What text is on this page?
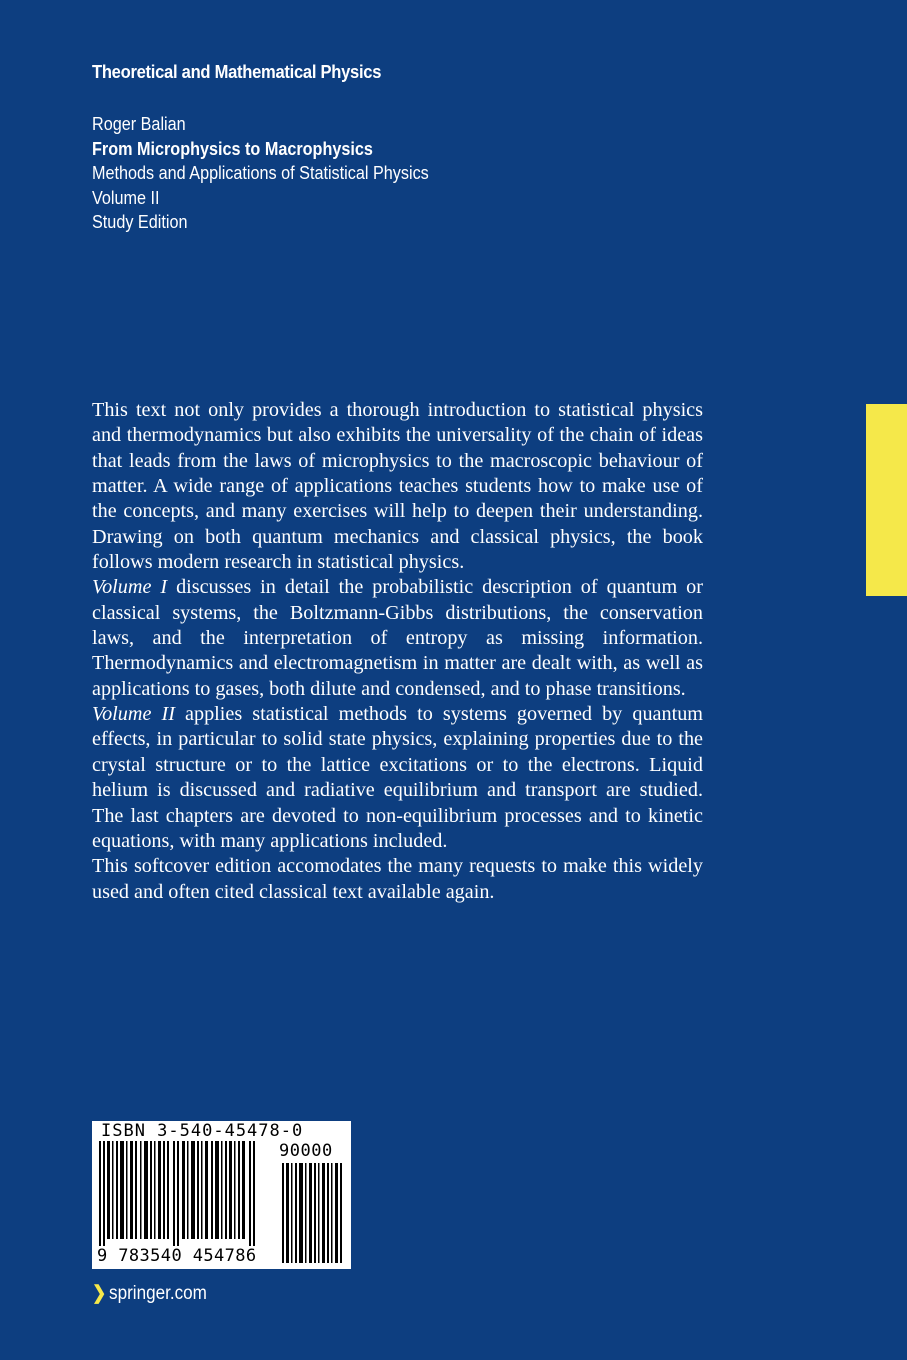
Theoretical and Mathematical Physics
Roger Balian
From Microphysics to Macrophysics
Methods and Applications of Statistical Physics
Volume II
Study Edition

This text not only provides a thorough introduction to statistical physics and thermodynamics but also exhibits the universality of the chain of ideas that leads from the laws of microphysics to the macroscopic behaviour of matter. A wide range of applications teaches students how to make use of the concepts, and many exercises will help to deepen their understanding. Drawing on both quantum mechanics and classical physics, the book follows modern research in statistical physics.

Volume I discusses in detail the probabilistic description of quantum or classical systems, the Boltzmann-Gibbs distributions, the conservation laws, and the interpretation of entropy as missing information. Thermodynamics and electromagnetism in matter are dealt with, as well as applications to gases, both dilute and condensed, and to phase transitions.

Volume II applies statistical methods to systems governed by quantum effects, in particular to solid state physics, explaining properties due to the crystal structure or to the lattice excitations or to the electrons. Liquid helium is discussed and radiative equilibrium and transport are studied. The last chapters are devoted to non-equilibrium processes and to kinetic equations, with many applications included.

This softcover edition accomodates the many requests to make this widely used and often cited classical text available again.

ISBN 3-540-45478-0
90000
9 783540 454786
❯ springer.com
